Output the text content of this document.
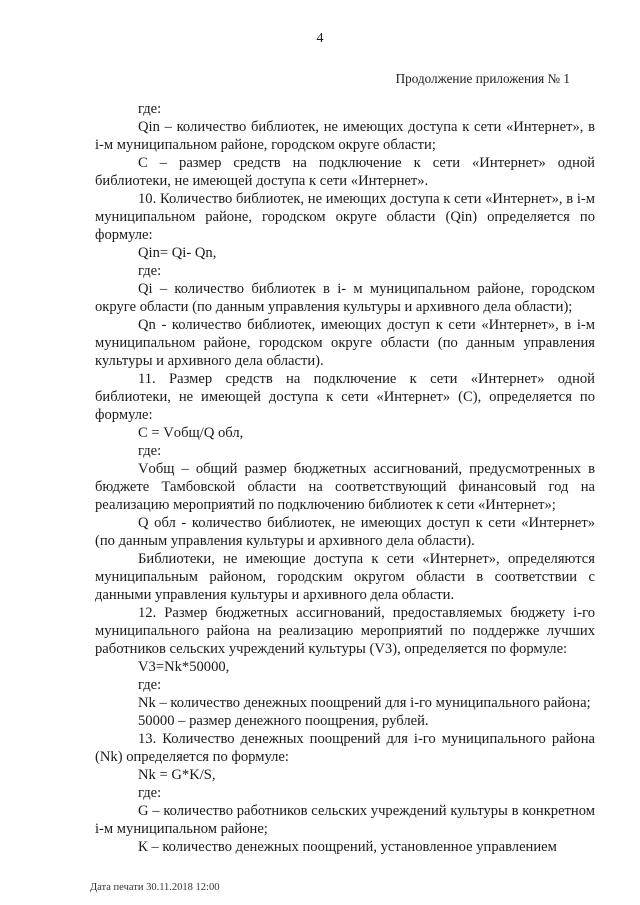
4
Продолжение приложения № 1

где:

Qin – количество библиотек, не имеющих доступа к сети «Интернет», в i-м муниципальном районе, городском округе области;

С – размер средств на подключение к сети «Интернет» одной библиотеки, не имеющей доступа к сети «Интернет».

10. Количество библиотек, не имеющих доступа к сети «Интернет», в i-м муниципальном районе, городском округе области (Qin) определяется по формуле:

Qin= Qi- Qn,

где:

Qi – количество библиотек в i- м муниципальном районе, городском округе области (по данным управления культуры и архивного дела области);

Qn - количество библиотек, имеющих доступ к сети «Интернет», в i-м муниципальном районе, городском округе области (по данным управления культуры и архивного дела области).

11. Размер средств на подключение к сети «Интернет» одной библиотеки, не имеющей доступа к сети «Интернет» (С), определяется по формуле:

С = Vобщ/Q обл,

где:

Vобщ – общий размер бюджетных ассигнований, предусмотренных в бюджете Тамбовской области на соответствующий финансовый год на реализацию мероприятий по подключению библиотек к сети «Интернет»;

Q обл - количество библиотек, не имеющих доступ к сети «Интернет» (по данным управления культуры и архивного дела области).

Библиотеки, не имеющие доступа к сети «Интернет», определяются муниципальным районом, городским округом области в соответствии с данными управления культуры и архивного дела области.

12. Размер бюджетных ассигнований, предоставляемых бюджету i-го муниципального района на реализацию мероприятий по поддержке лучших работников сельских учреждений культуры (V3), определяется по формуле:

V3=Nk*50000,

где:

Nk – количество денежных поощрений для i-го муниципального района;

50000 – размер денежного поощрения, рублей.

13. Количество денежных поощрений для i-го муниципального района (Nk) определяется по формуле:

Nk = G*K/S,

где:

G – количество работников сельских учреждений культуры в конкретном i-м муниципальном районе;

К – количество денежных поощрений, установленное управлением

Дата печати 30.11.2018 12:00
